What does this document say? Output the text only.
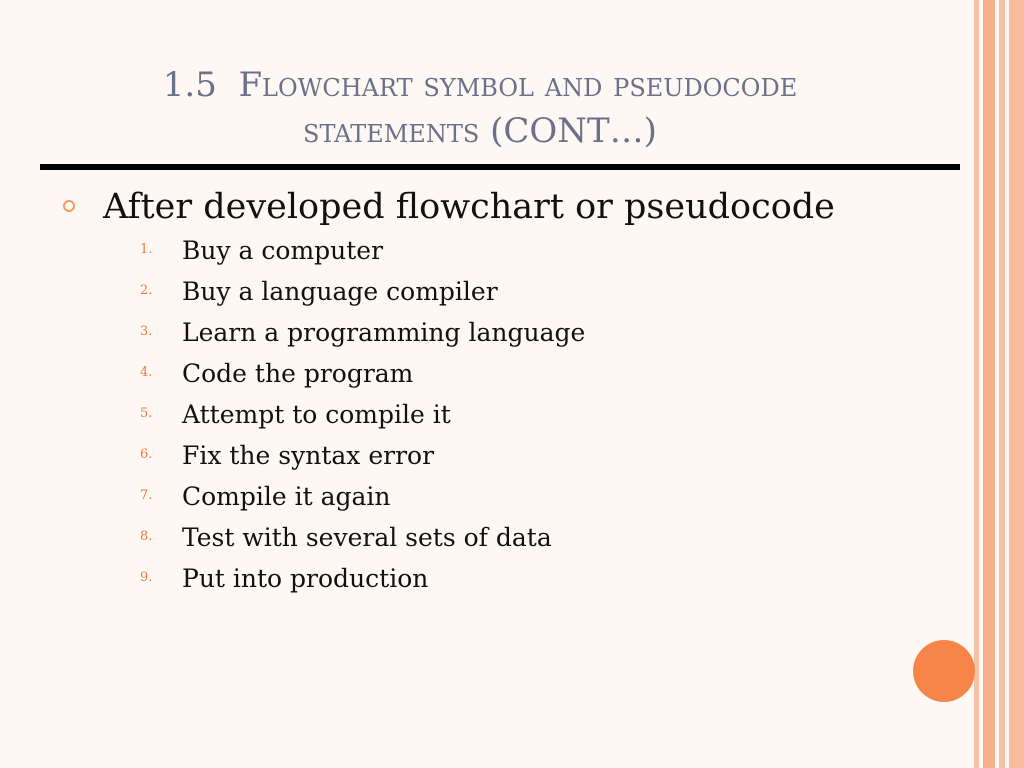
1.5 Flowchart symbol and pseudocode
statements (CONT…)
After developed flowchart or pseudocode
1.	Buy a computer
2.	Buy a language compiler
3.	Learn a programming language
4.	Code the program
5.	Attempt to compile it
6.	Fix the syntax error
7.	Compile it again
8.	Test with several sets of data
9.	Put into production
